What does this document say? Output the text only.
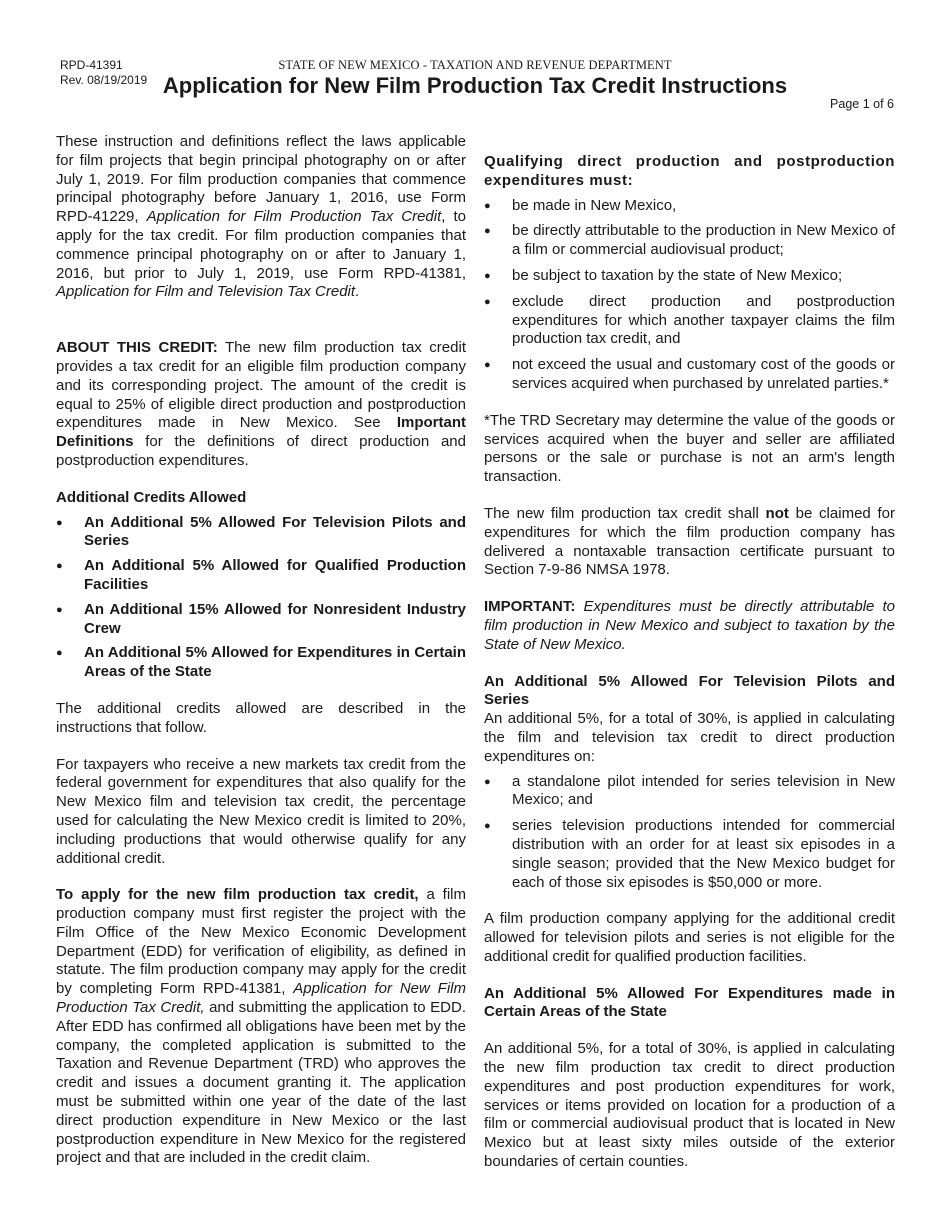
RPD-41391
Rev. 08/19/2019
STATE OF NEW MEXICO - TAXATION AND REVENUE DEPARTMENT
Application for New Film Production Tax Credit Instructions
Page 1 of 6

These instruction and definitions reflect the laws applicable for film projects that begin principal photography on or after July 1, 2019. For film production companies that commence principal photography before January 1, 2016, use Form RPD-41229, Application for Film Production Tax Credit, to apply for the tax credit. For film production companies that commence principal photography on or after to January 1, 2016, but prior to July 1, 2019, use Form RPD-41381, Application for Film and Television Tax Credit.

ABOUT THIS CREDIT: The new film production tax credit provides a tax credit for an eligible film production company and its corresponding project. The amount of the credit is equal to 25% of eligible direct production and postproduction expenditures made in New Mexico. See Important Definitions for the definitions of direct production and postproduction expenditures.

Additional Credits Allowed

● An Additional 5% Allowed For Television Pilots and Series
● An Additional 5% Allowed for Qualified Production Facilities
● An Additional 15% Allowed for Nonresident Industry Crew
● An Additional 5% Allowed for Expenditures in Certain Areas of the State

The additional credits allowed are described in the instructions that follow.

For taxpayers who receive a new markets tax credit from the federal government for expenditures that also qualify for the New Mexico film and television tax credit, the percentage used for calculating the New Mexico credit is limited to 20%, including productions that would otherwise qualify for any additional credit.

To apply for the new film production tax credit, a film production company must first register the project with the Film Office of the New Mexico Economic Development Department (EDD) for verification of eligibility, as defined in statute. The film production company may apply for the credit by completing Form RPD-41381, Application for New Film Production Tax Credit, and submitting the application to EDD. After EDD has confirmed all obligations have been met by the company, the completed application is submitted to the Taxation and Revenue Department (TRD) who approves the credit and issues a document granting it. The application must be submitted within one year of the date of the last direct production expenditure in New Mexico or the last postproduction expenditure in New Mexico for the registered project and that are included in the credit claim.

Qualifying direct production and postproduction expenditures must:

● be made in New Mexico,
● be directly attributable to the production in New Mexico of a film or commercial audiovisual product;
● be subject to taxation by the state of New Mexico;
● exclude direct production and postproduction expenditures for which another taxpayer claims the film production tax credit, and
● not exceed the usual and customary cost of the goods or services acquired when purchased by unrelated parties.*

*The TRD Secretary may determine the value of the goods or services acquired when the buyer and seller are affiliated persons or the sale or purchase is not an arm's length transaction.

The new film production tax credit shall not be claimed for expenditures for which the film production company has delivered a nontaxable transaction certificate pursuant to Section 7-9-86 NMSA 1978.

IMPORTANT: Expenditures must be directly attributable to film production in New Mexico and subject to taxation by the State of New Mexico.

An Additional 5% Allowed For Television Pilots and Series

An additional 5%, for a total of 30%, is applied in calculating the film and television tax credit to direct production expenditures on:

● a standalone pilot intended for series television in New Mexico; and
● series television productions intended for commercial distribution with an order for at least six episodes in a single season; provided that the New Mexico budget for each of those six episodes is $50,000 or more.

A film production company applying for the additional credit allowed for television pilots and series is not eligible for the additional credit for qualified production facilities.

An Additional 5% Allowed For Expenditures made in Certain Areas of the State

An additional 5%, for a total of 30%, is applied in calculating the new film production tax credit to direct production expenditures and post production expenditures for work, services or items provided on location for a production of a film or commercial audiovisual product that is located in New Mexico but at least sixty miles outside of the exterior boundaries of certain counties.
